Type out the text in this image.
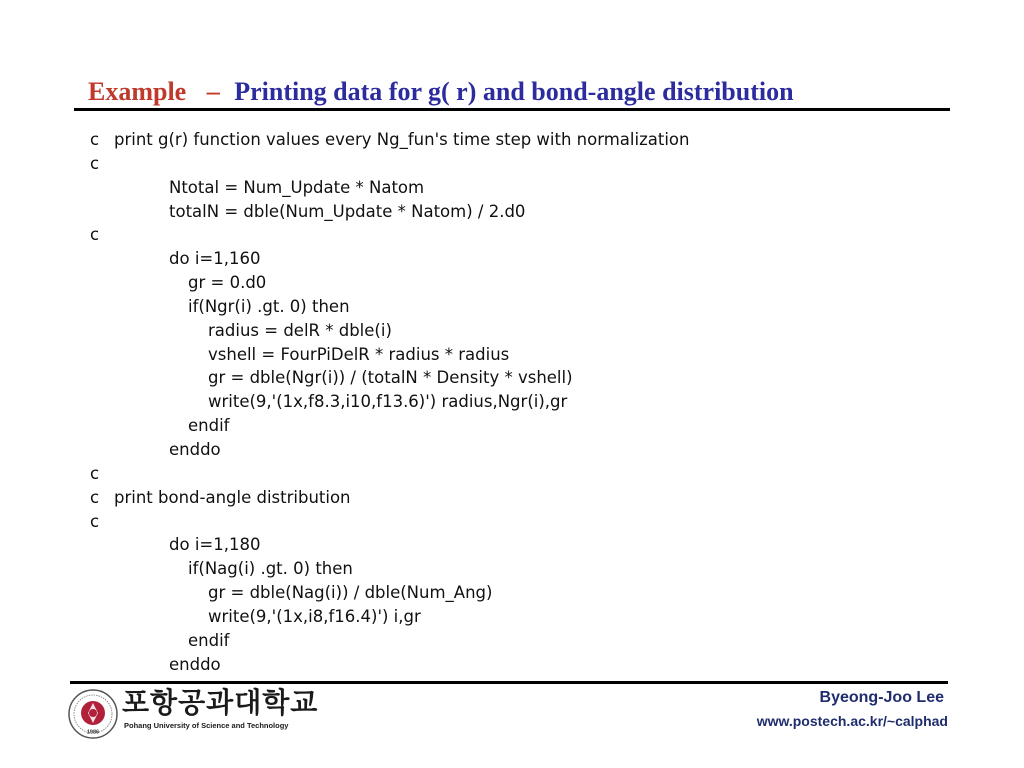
Example – Printing data for g( r) and bond-angle distribution
c print g(r) function values every Ng_fun's time step with normalization
c
Ntotal = Num_Update * Natom
totalN = dble(Num_Update * Natom) / 2.d0
c
do i=1,160
gr = 0.d0
if(Ngr(i) .gt. 0) then
radius = delR * dble(i)
vshell = FourPiDelR * radius * radius
gr = dble(Ngr(i)) / (totalN * Density * vshell)
write(9,'(1x,f8.3,i10,f13.6)') radius,Ngr(i),gr
endif
enddo
c
c print bond-angle distribution
c
do i=1,180
if(Nag(i) .gt. 0) then
gr = dble(Nag(i)) / dble(Num_Ang)
write(9,'(1x,i8,f16.4)') i,gr
endif
enddo
1986
포항공과대학교
Pohang University of Science and Technology
Byeong-Joo Lee
www.postech.ac.kr/~calphad
